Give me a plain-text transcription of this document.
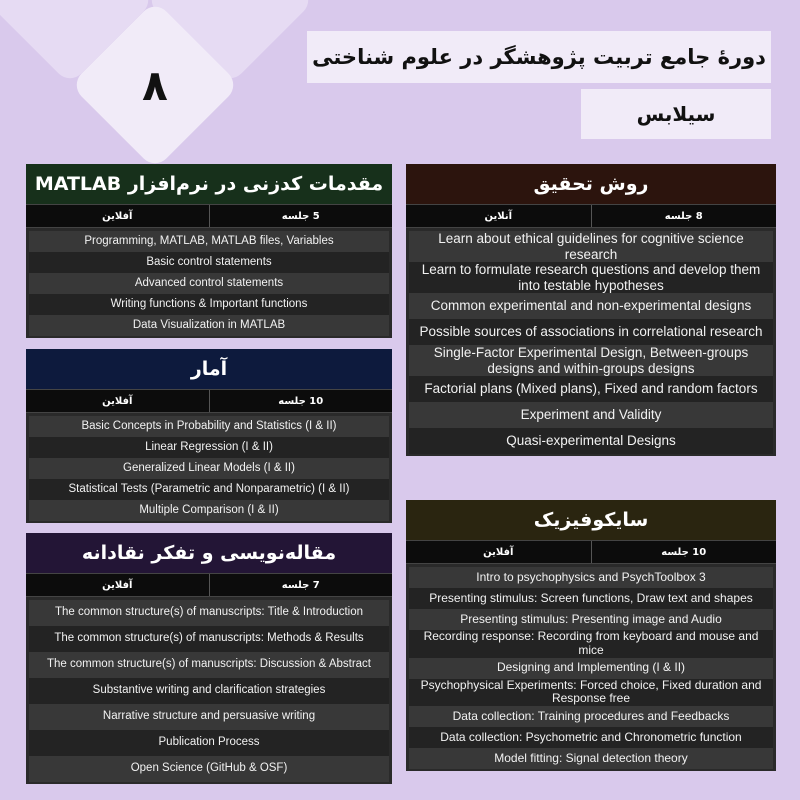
۸
دورهٔ جامع تربیت پژوهشگر در علوم شناختی
سیلابس
مقدمات کدزنی در نرم‌افزار MATLAB
آفلاین	5 جلسه
Programming, MATLAB, MATLAB files, Variables
Basic control statements
Advanced control statements
Writing functions & Important functions
Data Visualization in MATLAB
آمار
آفلاین	10 جلسه
Basic Concepts in Probability and Statistics (I & II)
Linear Regression (I & II)
Generalized Linear Models (I & II)
Statistical Tests (Parametric and Nonparametric) (I & II)
Multiple Comparison (I & II)
مقاله‌نویسی و تفکر نقادانه
آفلاین	7 جلسه
The common structure(s) of manuscripts: Title & Introduction
The common structure(s) of manuscripts: Methods & Results
The common structure(s) of manuscripts: Discussion & Abstract
Substantive writing and clarification strategies
Narrative structure and persuasive writing
Publication Process
Open Science (GitHub & OSF)
روش تحقیق
آنلاین	8 جلسه
Learn about ethical guidelines for cognitive science research
Learn to formulate research questions and develop them into testable hypotheses
Common experimental and non-experimental designs
Possible sources of associations in correlational research
Single-Factor Experimental Design, Between-groups designs and within-groups designs
Factorial plans (Mixed plans), Fixed and random factors
Experiment and Validity
Quasi-experimental Designs
سایکوفیزیک
آفلاین	10 جلسه
Intro to psychophysics and PsychToolbox 3
Presenting stimulus: Screen functions, Draw text and shapes
Presenting stimulus: Presenting image and Audio
Recording response: Recording from keyboard and mouse and mice
Designing and Implementing (I & II)
Psychophysical Experiments: Forced choice, Fixed duration and Response free
Data collection: Training procedures and Feedbacks
Data collection: Psychometric and Chronometric function
Model fitting: Signal detection theory
